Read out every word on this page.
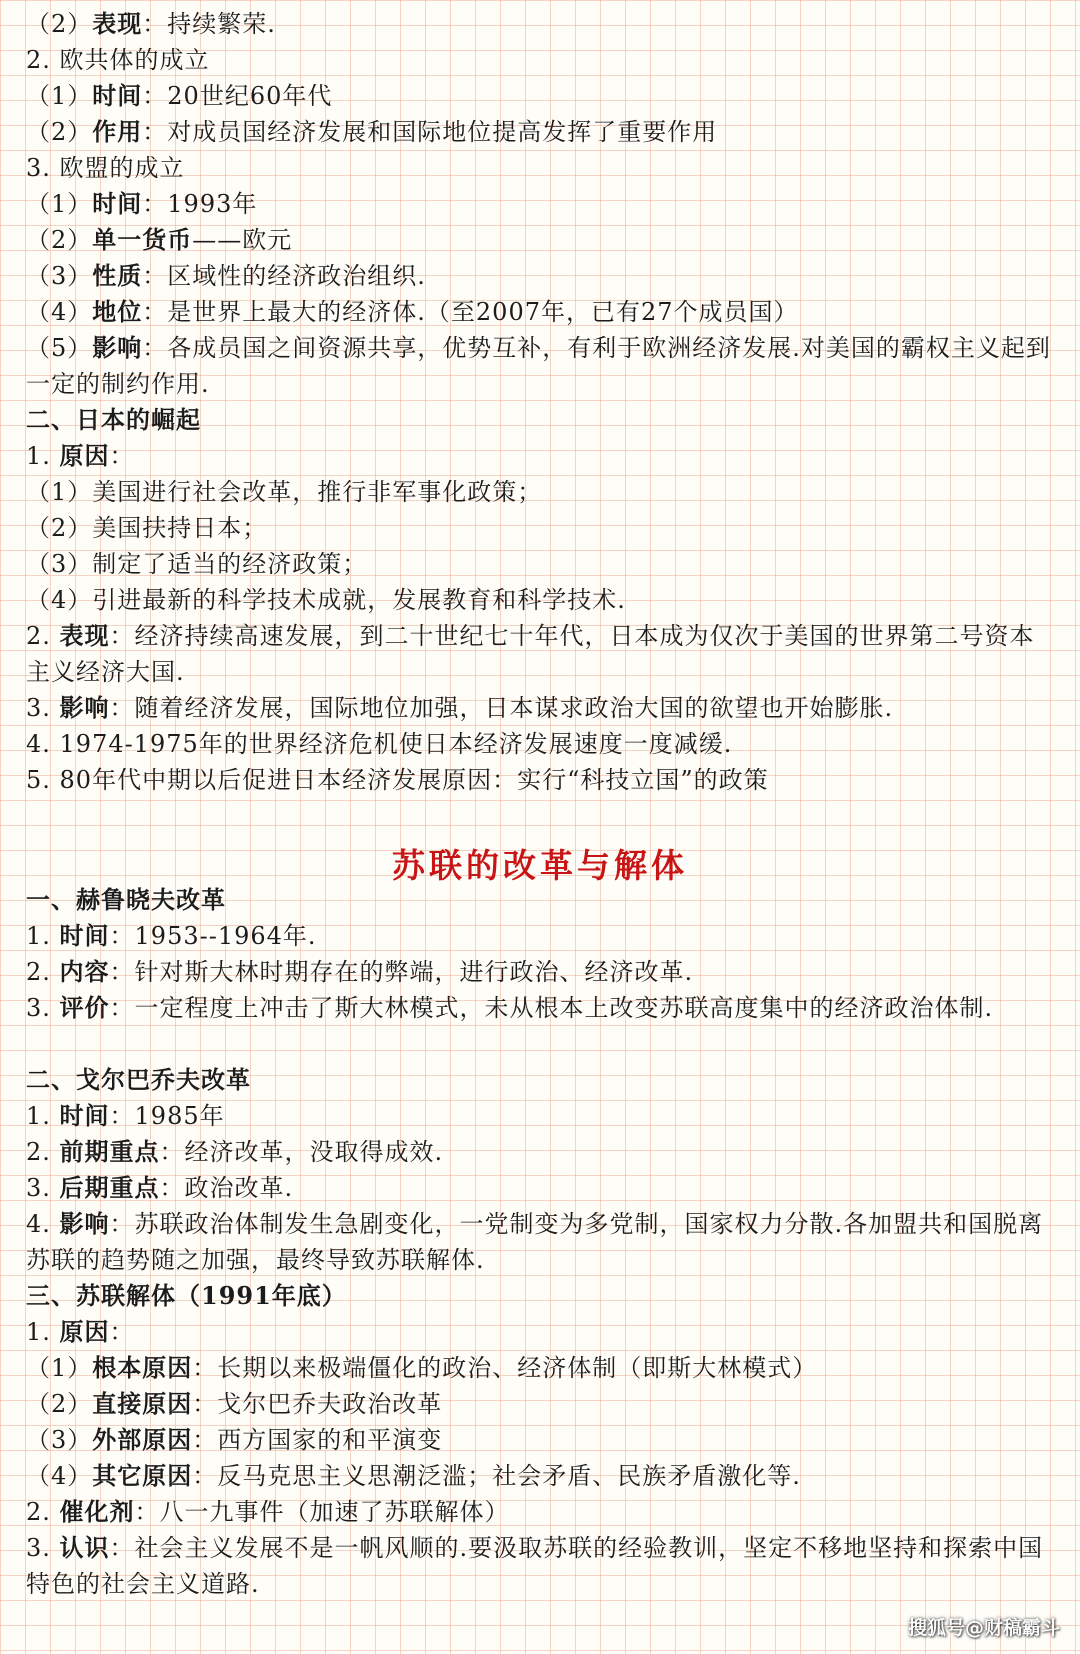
（2）表现：持续繁荣.
2. 欧共体的成立
（1）时间：20世纪60年代
（2）作用：对成员国经济发展和国际地位提高发挥了重要作用
3. 欧盟的成立
（1）时间：1993年
（2）单一货币——欧元
（3）性质：区域性的经济政治组织.
（4）地位：是世界上最大的经济体.（至2007年，已有27个成员国）
（5）影响：各成员国之间资源共享，优势互补，有利于欧洲经济发展.对美国的霸权主义起到一定的制约作用.
二、日本的崛起
1. 原因：
（1）美国进行社会改革，推行非军事化政策；
（2）美国扶持日本；
（3）制定了适当的经济政策；
（4）引进最新的科学技术成就，发展教育和科学技术.
2. 表现：经济持续高速发展，到二十世纪七十年代，日本成为仅次于美国的世界第二号资本主义经济大国.
3. 影响：随着经济发展，国际地位加强，日本谋求政治大国的欲望也开始膨胀.
4. 1974-1975年的世界经济危机使日本经济发展速度一度减缓.
5. 80年代中期以后促进日本经济发展原因：实行“科技立国”的政策
苏联的改革与解体
一、赫鲁晓夫改革
1. 时间：1953--1964年.
2. 内容：针对斯大林时期存在的弊端，进行政治、经济改革.
3. 评价：一定程度上冲击了斯大林模式，未从根本上改变苏联高度集中的经济政治体制.
二、戈尔巴乔夫改革
1. 时间：1985年
2. 前期重点：经济改革，没取得成效.
3. 后期重点：政治改革.
4. 影响：苏联政治体制发生急剧变化，一党制变为多党制，国家权力分散.各加盟共和国脱离苏联的趋势随之加强，最终导致苏联解体.
三、苏联解体（1991年底）
1. 原因：
（1）根本原因：长期以来极端僵化的政治、经济体制（即斯大林模式）
（2）直接原因：戈尔巴乔夫政治改革
（3）外部原因：西方国家的和平演变
（4）其它原因：反马克思主义思潮泛滥；社会矛盾、民族矛盾激化等.
2. 催化剂：八一九事件（加速了苏联解体）
3. 认识：社会主义发展不是一帆风顺的.要汲取苏联的经验教训，坚定不移地坚持和探索中国特色的社会主义道路.
搜狐号@财稿霸斗
